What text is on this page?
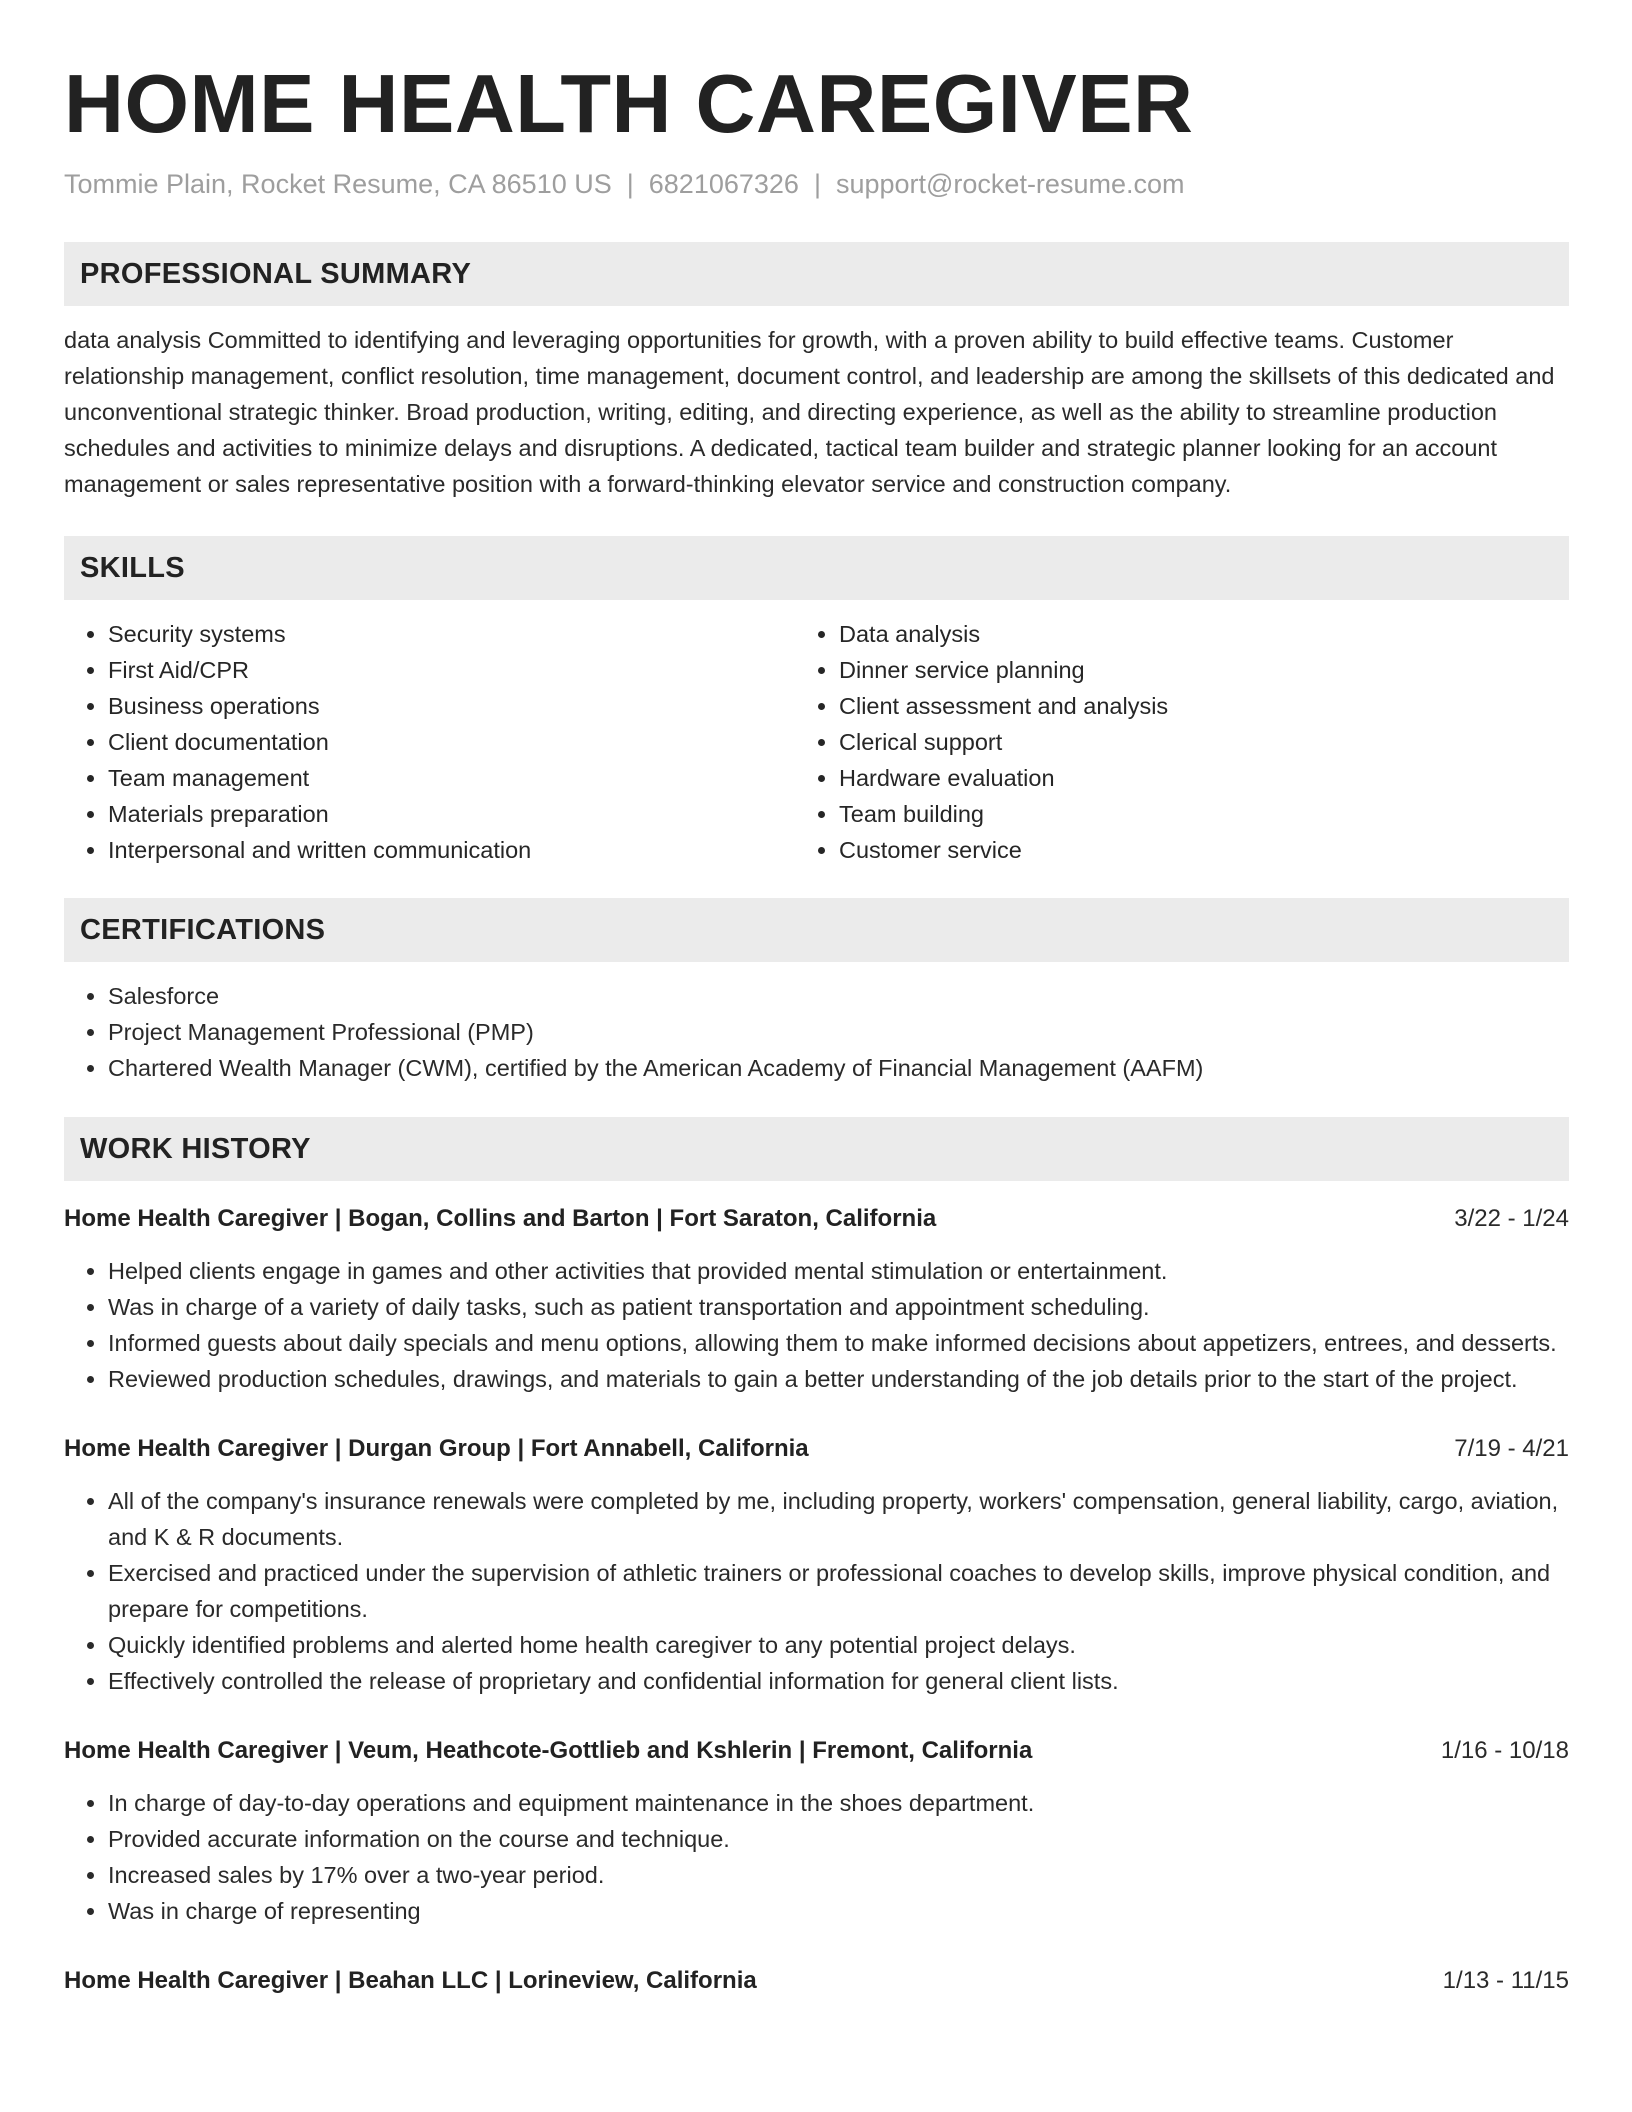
HOME HEALTH CAREGIVER
Tommie Plain, Rocket Resume, CA 86510 US | 6821067326 | support@rocket-resume.com
PROFESSIONAL SUMMARY
data analysis Committed to identifying and leveraging opportunities for growth, with a proven ability to build effective teams. Customer relationship management, conflict resolution, time management, document control, and leadership are among the skillsets of this dedicated and unconventional strategic thinker. Broad production, writing, editing, and directing experience, as well as the ability to streamline production schedules and activities to minimize delays and disruptions. A dedicated, tactical team builder and strategic planner looking for an account management or sales representative position with a forward-thinking elevator service and construction company.
SKILLS
• Security systems
• First Aid/CPR
• Business operations
• Client documentation
• Team management
• Materials preparation
• Interpersonal and written communication
• Data analysis
• Dinner service planning
• Client assessment and analysis
• Clerical support
• Hardware evaluation
• Team building
• Customer service
CERTIFICATIONS
• Salesforce
• Project Management Professional (PMP)
• Chartered Wealth Manager (CWM), certified by the American Academy of Financial Management (AAFM)
WORK HISTORY
Home Health Caregiver | Bogan, Collins and Barton | Fort Saraton, California	3/22 - 1/24
• Helped clients engage in games and other activities that provided mental stimulation or entertainment.
• Was in charge of a variety of daily tasks, such as patient transportation and appointment scheduling.
• Informed guests about daily specials and menu options, allowing them to make informed decisions about appetizers, entrees, and desserts.
• Reviewed production schedules, drawings, and materials to gain a better understanding of the job details prior to the start of the project.
Home Health Caregiver | Durgan Group | Fort Annabell, California	7/19 - 4/21
• All of the company's insurance renewals were completed by me, including property, workers' compensation, general liability, cargo, aviation, and K & R documents.
• Exercised and practiced under the supervision of athletic trainers or professional coaches to develop skills, improve physical condition, and prepare for competitions.
• Quickly identified problems and alerted home health caregiver to any potential project delays.
• Effectively controlled the release of proprietary and confidential information for general client lists.
Home Health Caregiver | Veum, Heathcote-Gottlieb and Kshlerin | Fremont, California	1/16 - 10/18
• In charge of day-to-day operations and equipment maintenance in the shoes department.
• Provided accurate information on the course and technique.
• Increased sales by 17% over a two-year period.
• Was in charge of representing
Home Health Caregiver | Beahan LLC | Lorineview, California	1/13 - 11/15
